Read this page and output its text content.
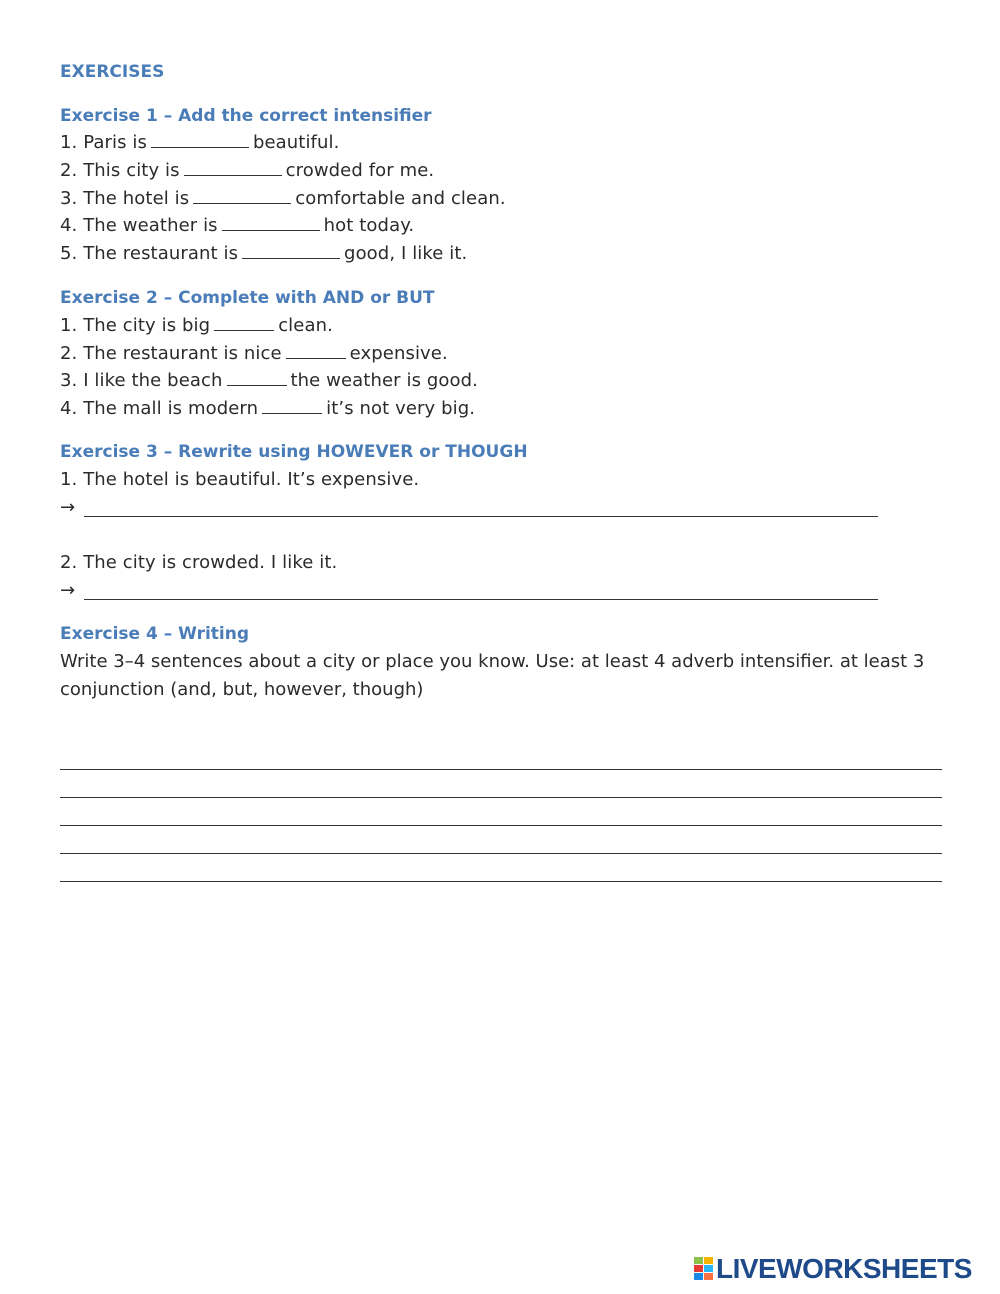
EXERCISES
Exercise 1 – Add the correct intensifier
1. Paris is	beautiful.
2. This city is	crowded for me.
3. The hotel is	comfortable and clean.
4. The weather is	hot today.
5. The restaurant is	good, I like it.
Exercise 2 – Complete with AND or BUT
1. The city is big	clean.
2. The restaurant is nice	expensive.
3. I like the beach	the weather is good.
4. The mall is modern	it’s not very big.
Exercise 3 – Rewrite using HOWEVER or THOUGH
1. The hotel is beautiful. It’s expensive.
→
2. The city is crowded. I like it.
→
Exercise 4 – Writing
Write 3–4 sentences about a city or place you know. Use: at least 4 adverb intensifier. at least 3 conjunction (and, but, however, though)
LIVEWORKSHEETS
